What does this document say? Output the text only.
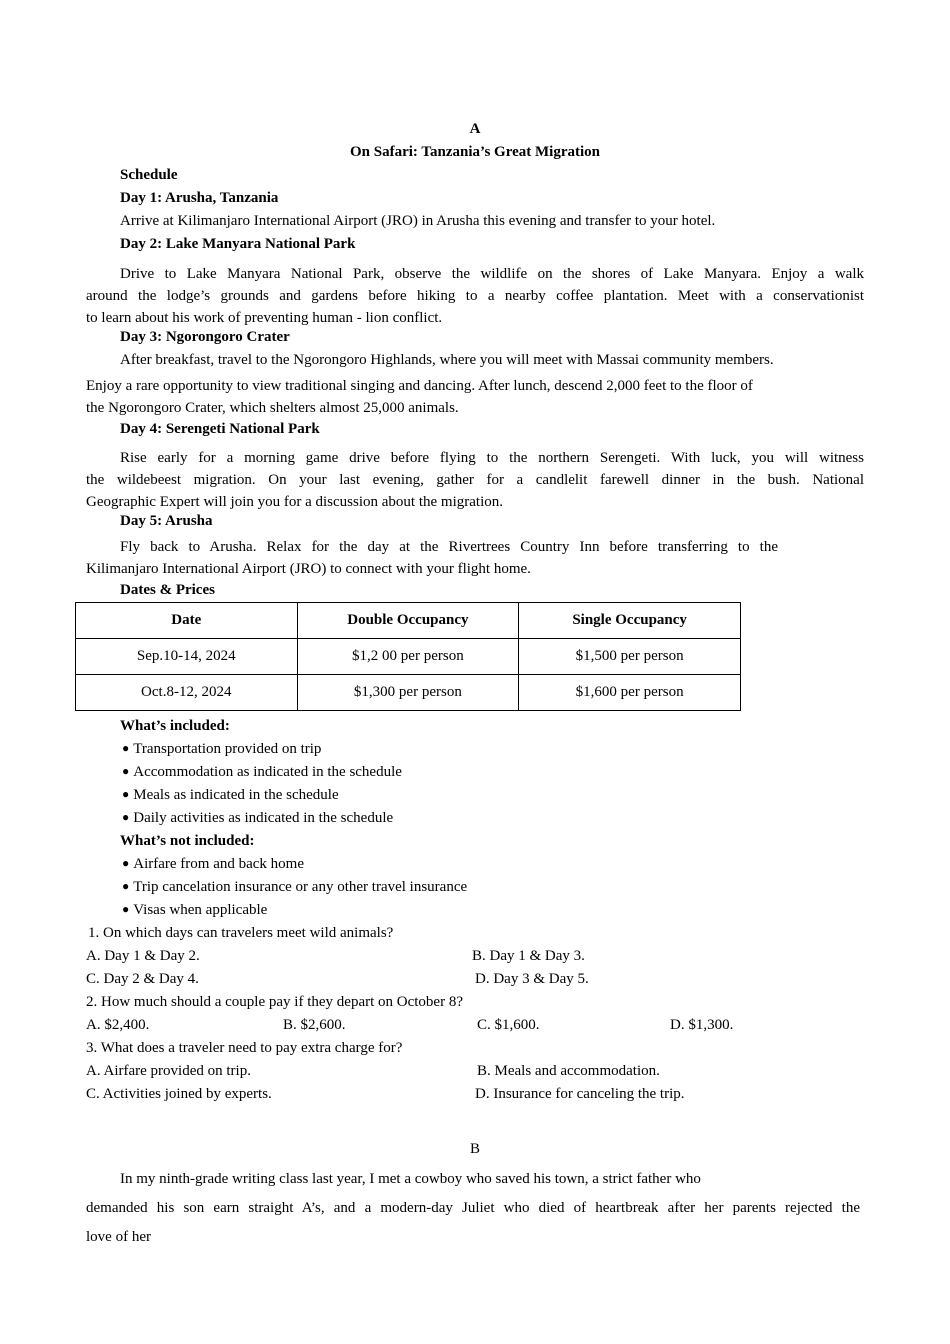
A
On Safari: Tanzania’s Great Migration
Schedule
Day 1: Arusha, Tanzania
Arrive at Kilimanjaro International Airport (JRO) in Arusha this evening and transfer to your hotel.
Day 2: Lake Manyara National Park
Drive to Lake Manyara National Park, observe the wildlife on the shores of Lake Manyara. Enjoy a walk
around the lodge’s grounds and gardens before hiking to a nearby coffee plantation. Meet with a conservationist
to learn about his work of preventing human - lion conflict.
Day 3: Ngorongoro Crater
After breakfast, travel to the Ngorongoro Highlands, where you will meet with Massai community members.
Enjoy a rare opportunity to view traditional singing and dancing. After lunch, descend 2,000 feet to the floor of
the Ngorongoro Crater, which shelters almost 25,000 animals.
Day 4: Serengeti National Park
Rise early for a morning game drive before flying to the northern Serengeti. With luck, you will witness
the wildebeest migration. On your last evening, gather for a candlelit farewell dinner in the bush. National
Geographic Expert will join you for a discussion about the migration.
Day 5: Arusha
Fly back to Arusha. Relax for the day at the Rivertrees Country Inn before transferring to the
Kilimanjaro International Airport (JRO) to connect with your flight home.
Dates & Prices
Date	Double Occupancy	Single Occupancy
Sep.10-14, 2024	$1,2 00 per person	$1,500 per person
Oct.8-12, 2024	$1,300 per person	$1,600 per person
What’s included:
● Transportation provided on trip
● Accommodation as indicated in the schedule
● Meals as indicated in the schedule
● Daily activities as indicated in the schedule
What’s not included:
● Airfare from and back home
● Trip cancelation insurance or any other travel insurance
● Visas when applicable
1. On which days can travelers meet wild animals?
A. Day 1 & Day 2.	B. Day 1 & Day 3.
C. Day 2 & Day 4.	D. Day 3 & Day 5.
2. How much should a couple pay if they depart on October 8?
A. $2,400.	B. $2,600.	C. $1,600.	D. $1,300.
3. What does a traveler need to pay extra charge for?
A. Airfare provided on trip.	B. Meals and accommodation.
C. Activities joined by experts.	D. Insurance for canceling the trip.
B
In my ninth-grade writing class last year, I met a cowboy who saved his town, a strict father who
demanded his son earn straight A’s, and a modern-day Juliet who died of heartbreak after her parents rejected the
love of her
